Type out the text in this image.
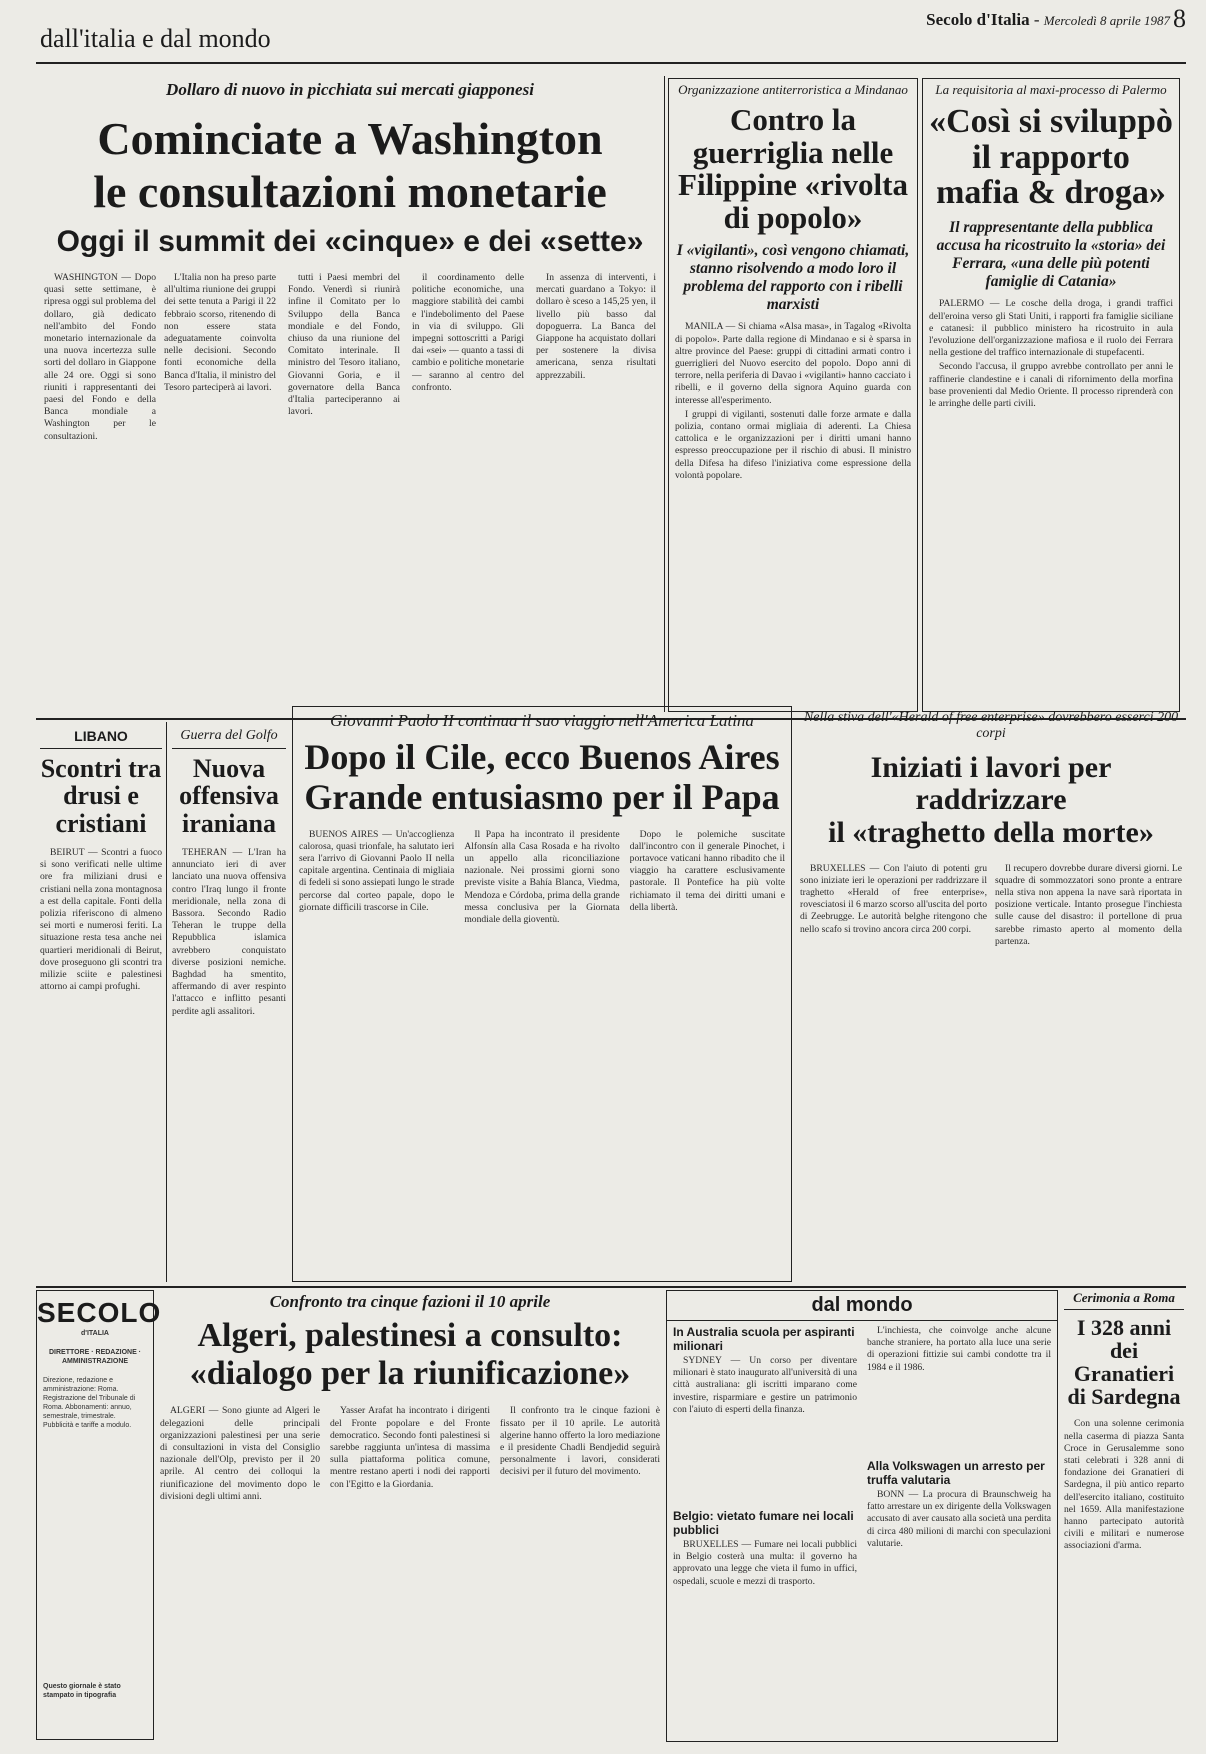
dall'italia e dal mondo
Secolo d'Italia - Mercoledì 8 aprile 1987 8
Dollaro di nuovo in picchiata sui mercati giapponesi
Cominciate a Washington
le consultazioni monetarie
Oggi il summit dei «cinque» e dei «sette»

WASHINGTON — Dopo quasi sette settimane, è ripresa oggi sul problema del dollaro, già dedicato nell'ambito del Fondo monetario internazionale da una nuova incertezza sulle sorti del dollaro in Giappone alle 24 ore. Oggi si sono riuniti i rappresentanti dei paesi del Fondo e della Banca mondiale a Washington per le consultazioni.

L'Italia non ha preso parte all'ultima riunione dei gruppi dei sette tenuta a Parigi il 22 febbraio scorso, ritenendo di non essere stata adeguatamente coinvolta nelle decisioni. Secondo fonti economiche della Banca d'Italia, il ministro del Tesoro parteciperà ai lavori.

tutti i Paesi membri del Fondo. Venerdì si riunirà infine il Comitato per lo Sviluppo della Banca mondiale e del Fondo, chiuso da una riunione del Comitato interinale. Il ministro del Tesoro italiano, Giovanni Goria, e il governatore della Banca d'Italia parteciperanno ai lavori.

il coordinamento delle politiche economiche, una maggiore stabilità dei cambi e l'indebolimento del Paese in via di sviluppo. Gli impegni sottoscritti a Parigi dai «sei» — quanto a tassi di cambio e politiche monetarie — saranno al centro del confronto.

In assenza di interventi, i mercati guardano a Tokyo: il dollaro è sceso a 145,25 yen, il livello più basso dal dopoguerra. La Banca del Giappone ha acquistato dollari per sostenere la divisa americana, senza risultati apprezzabili.

Organizzazione antiterroristica a Mindanao
Contro la guerriglia nelle Filippine «rivolta di popolo»
I «vigilanti», così vengono chiamati, stanno risolvendo a modo loro il problema del rapporto con i ribelli marxisti

MANILA — Si chiama «Alsa masa», in Tagalog «Rivolta di popolo». Parte dalla regione di Mindanao e si è sparsa in altre province del Paese: gruppi di cittadini armati contro i guerriglieri del Nuovo esercito del popolo. Dopo anni di terrore, nella periferia di Davao i «vigilanti» hanno cacciato i ribelli, e il governo della signora Aquino guarda con interesse all'esperimento.

I gruppi di vigilanti, sostenuti dalle forze armate e dalla polizia, contano ormai migliaia di aderenti. La Chiesa cattolica e le organizzazioni per i diritti umani hanno espresso preoccupazione per il rischio di abusi. Il ministro della Difesa ha difeso l'iniziativa come espressione della volontà popolare.

La requisitoria al maxi-processo di Palermo
«Così si sviluppò il rapporto mafia & droga»
Il rappresentante della pubblica accusa ha ricostruito la «storia» dei Ferrara, «una delle più potenti famiglie di Catania»

PALERMO — Le cosche della droga, i grandi traffici dell'eroina verso gli Stati Uniti, i rapporti fra famiglie siciliane e catanesi: il pubblico ministero ha ricostruito in aula l'evoluzione dell'organizzazione mafiosa e il ruolo dei Ferrara nella gestione del traffico internazionale di stupefacenti.

Secondo l'accusa, il gruppo avrebbe controllato per anni le raffinerie clandestine e i canali di rifornimento della morfina base provenienti dal Medio Oriente. Il processo riprenderà con le arringhe delle parti civili.

LIBANO
Scontri tra drusi e cristiani

BEIRUT — Scontri a fuoco si sono verificati nelle ultime ore fra miliziani drusi e cristiani nella zona montagnosa a est della capitale. Fonti della polizia riferiscono di almeno sei morti e numerosi feriti. La situazione resta tesa anche nei quartieri meridionali di Beirut, dove proseguono gli scontri tra milizie sciite e palestinesi attorno ai campi profughi.

Guerra del Golfo
Nuova offensiva iraniana

TEHERAN — L'Iran ha annunciato ieri di aver lanciato una nuova offensiva contro l'Iraq lungo il fronte meridionale, nella zona di Bassora. Secondo Radio Teheran le truppe della Repubblica islamica avrebbero conquistato diverse posizioni nemiche. Baghdad ha smentito, affermando di aver respinto l'attacco e inflitto pesanti perdite agli assalitori.

Giovanni Paolo II continua il suo viaggio nell'America Latina
Dopo il Cile, ecco Buenos Aires
Grande entusiasmo per il Papa

BUENOS AIRES — Un'accoglienza calorosa, quasi trionfale, ha salutato ieri sera l'arrivo di Giovanni Paolo II nella capitale argentina. Centinaia di migliaia di fedeli si sono assiepati lungo le strade percorse dal corteo papale, dopo le giornate difficili trascorse in Cile.

Il Papa ha incontrato il presidente Alfonsín alla Casa Rosada e ha rivolto un appello alla riconciliazione nazionale. Nei prossimi giorni sono previste visite a Bahía Blanca, Viedma, Mendoza e Córdoba, prima della grande messa conclusiva per la Giornata mondiale della gioventù.

Dopo le polemiche suscitate dall'incontro con il generale Pinochet, i portavoce vaticani hanno ribadito che il viaggio ha carattere esclusivamente pastorale. Il Pontefice ha più volte richiamato il tema dei diritti umani e della libertà.

Nella stiva dell'«Herald of free enterprise» dovrebbero esserci 200 corpi
Iniziati i lavori per raddrizzare
il «traghetto della morte»

BRUXELLES — Con l'aiuto di potenti gru sono iniziate ieri le operazioni per raddrizzare il traghetto «Herald of free enterprise», rovesciatosi il 6 marzo scorso all'uscita del porto di Zeebrugge. Le autorità belghe ritengono che nello scafo si trovino ancora circa 200 corpi.

Il recupero dovrebbe durare diversi giorni. Le squadre di sommozzatori sono pronte a entrare nella stiva non appena la nave sarà riportata in posizione verticale. Intanto prosegue l'inchiesta sulle cause del disastro: il portellone di prua sarebbe rimasto aperto al momento della partenza.

SECOLO
d'ITALIA
DIRETTORE · REDAZIONE · AMMINISTRAZIONE
Direzione, redazione e amministrazione: Roma. Registrazione del Tribunale di Roma. Abbonamenti: annuo, semestrale, trimestrale. Pubblicità e tariffe a modulo.
Questo giornale è stato stampato in tipografia
Confronto tra cinque fazioni il 10 aprile
Algeri, palestinesi a consulto:
«dialogo per la riunificazione»

ALGERI — Sono giunte ad Algeri le delegazioni delle principali organizzazioni palestinesi per una serie di consultazioni in vista del Consiglio nazionale dell'Olp, previsto per il 20 aprile. Al centro dei colloqui la riunificazione del movimento dopo le divisioni degli ultimi anni.

Yasser Arafat ha incontrato i dirigenti del Fronte popolare e del Fronte democratico. Secondo fonti palestinesi si sarebbe raggiunta un'intesa di massima sulla piattaforma politica comune, mentre restano aperti i nodi dei rapporti con l'Egitto e la Giordania.

Il confronto tra le cinque fazioni è fissato per il 10 aprile. Le autorità algerine hanno offerto la loro mediazione e il presidente Chadli Bendjedid seguirà personalmente i lavori, considerati decisivi per il futuro del movimento.

dal mondo
In Australia scuola per aspiranti milionari

SYDNEY — Un corso per diventare milionari è stato inaugurato all'università di una città australiana: gli iscritti imparano come investire, risparmiare e gestire un patrimonio con l'aiuto di esperti della finanza.

Belgio: vietato fumare nei locali pubblici

BRUXELLES — Fumare nei locali pubblici in Belgio costerà una multa: il governo ha approvato una legge che vieta il fumo in uffici, ospedali, scuole e mezzi di trasporto.

L'inchiesta, che coinvolge anche alcune banche straniere, ha portato alla luce una serie di operazioni fittizie sui cambi condotte tra il 1984 e il 1986.

Alla Volkswagen un arresto per truffa valutaria

BONN — La procura di Braunschweig ha fatto arrestare un ex dirigente della Volkswagen accusato di aver causato alla società una perdita di circa 480 milioni di marchi con speculazioni valutarie.

Cerimonia a Roma
I 328 anni dei Granatieri di Sardegna

Con una solenne cerimonia nella caserma di piazza Santa Croce in Gerusalemme sono stati celebrati i 328 anni di fondazione dei Granatieri di Sardegna, il più antico reparto dell'esercito italiano, costituito nel 1659. Alla manifestazione hanno partecipato autorità civili e militari e numerose associazioni d'arma.
